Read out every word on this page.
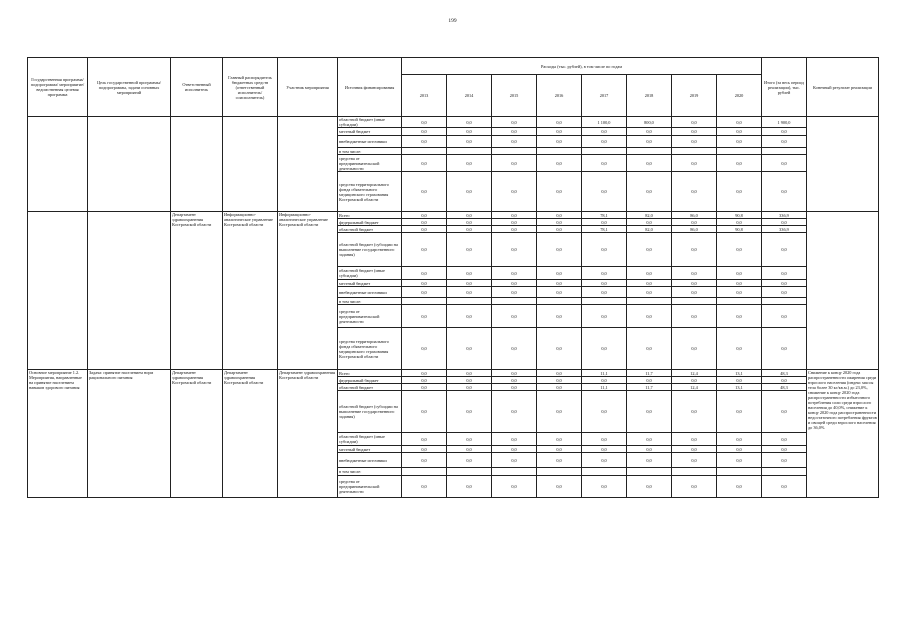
199
Государственная программа/подпрограмма/ мероприятие/ ведомственная целевая программа	Цель государственной программы/подпрограммы, задачи основных мероприятий	Ответственный исполнитель	Главный распорядитель бюджетных средств (ответственный исполнитель/ соисполнитель)	Участник мероприятия	Источник финансирования	Расходы (тыс. рублей), в том числе по годам								Итого (за весь период реализации), тыс. рублей	Конечный результат реализации
						2013	2014	2015	2016	2017	2018	2019	2020		
					областной бюджет (иные субсидии)	0,0	0,0	0,0	0,0	1 100,0	800,0	0,0	0,0	1 900,0	
					местный бюджет	0,0	0,0	0,0	0,0	0,0	0,0	0,0	0,0	0,0	
					внебюджетные источники	0,0	0,0	0,0	0,0	0,0	0,0	0,0	0,0	0,0	
					в том числе:										
					средства от предпринимательской деятельности	0,0	0,0	0,0	0,0	0,0	0,0	0,0	0,0	0,0	
					средства территориального фонда обязательного медицинского страхования Костромской области	0,0	0,0	0,0	0,0	0,0	0,0	0,0	0,0	0,0	
		Департамент здравоохранения Костромской области	Информационно-аналитическое управление Костромской области	Информационно-аналитическое управление Костромской области	Всего	0,0	0,0	0,0	0,0	78,1	82,0	86,0	90,8	336,9	
					федеральный бюджет	0,0	0,0	0,0	0,0	0,0	0,0	0,0	0,0	0,0	
					областной бюджет	0,0	0,0	0,0	0,0	78,1	82,0	86,0	90,8	336,9	
					областной бюджет (субсидии на выполнение государственного задания)	0,0	0,0	0,0	0,0	0,0	0,0	0,0	0,0	0,0	
					областной бюджет (иные субсидии)	0,0	0,0	0,0	0,0	0,0	0,0	0,0	0,0	0,0	
					местный бюджет	0,0	0,0	0,0	0,0	0,0	0,0	0,0	0,0	0,0	
					внебюджетные источники	0,0	0,0	0,0	0,0	0,0	0,0	0,0	0,0	0,0	
					в том числе:										
					средства от предпринимательской деятельности	0,0	0,0	0,0	0,0	0,0	0,0	0,0	0,0	0,0	
					средства территориального фонда обязательного медицинского страхования Костромской области	0,0	0,0	0,0	0,0	0,0	0,0	0,0	0,0	0,0	
Основное мероприятие 1.2. Мероприятия, направленные на принятие населением навыков здорового питания	Задача: принятие населением норм рационального питания	Департамент здравоохранения Костромской области	Департамент здравоохранения Костромской области	Департамент здравоохранения Костромской области	Всего	0,0	0,0	0,0	0,0	11,1	11,7	12,4	13,1	48,3	Снижение к концу 2020 года распространенности ожирения среди взрослого населения (индекс массы тела более 30 кг/кв.м.) до 23,0%, снижение к концу 2020 года распространенности избыточного потребления соли среди взрослого населения до 40,0%, снижение к концу 2020 года распространенности недостаточного потребления фруктов и овощей среди взрослого населения до 36,0%
					федеральный бюджет	0,0	0,0	0,0	0,0	0,0	0,0	0,0	0,0	0,0	
					областной бюджет	0,0	0,0	0,0	0,0	11,1	11,7	12,4	13,1	48,3	
					областной бюджет (субсидии на выполнение государственного задания)	0,0	0,0	0,0	0,0	0,0	0,0	0,0	0,0	0,0	
					областной бюджет (иные субсидии)	0,0	0,0	0,0	0,0	0,0	0,0	0,0	0,0	0,0	
					местный бюджет	0,0	0,0	0,0	0,0	0,0	0,0	0,0	0,0	0,0	
					внебюджетные источники	0,0	0,0	0,0	0,0	0,0	0,0	0,0	0,0	0,0	
					в том числе:										
					средства от предпринимательской деятельности	0,0	0,0	0,0	0,0	0,0	0,0	0,0	0,0	0,0	
